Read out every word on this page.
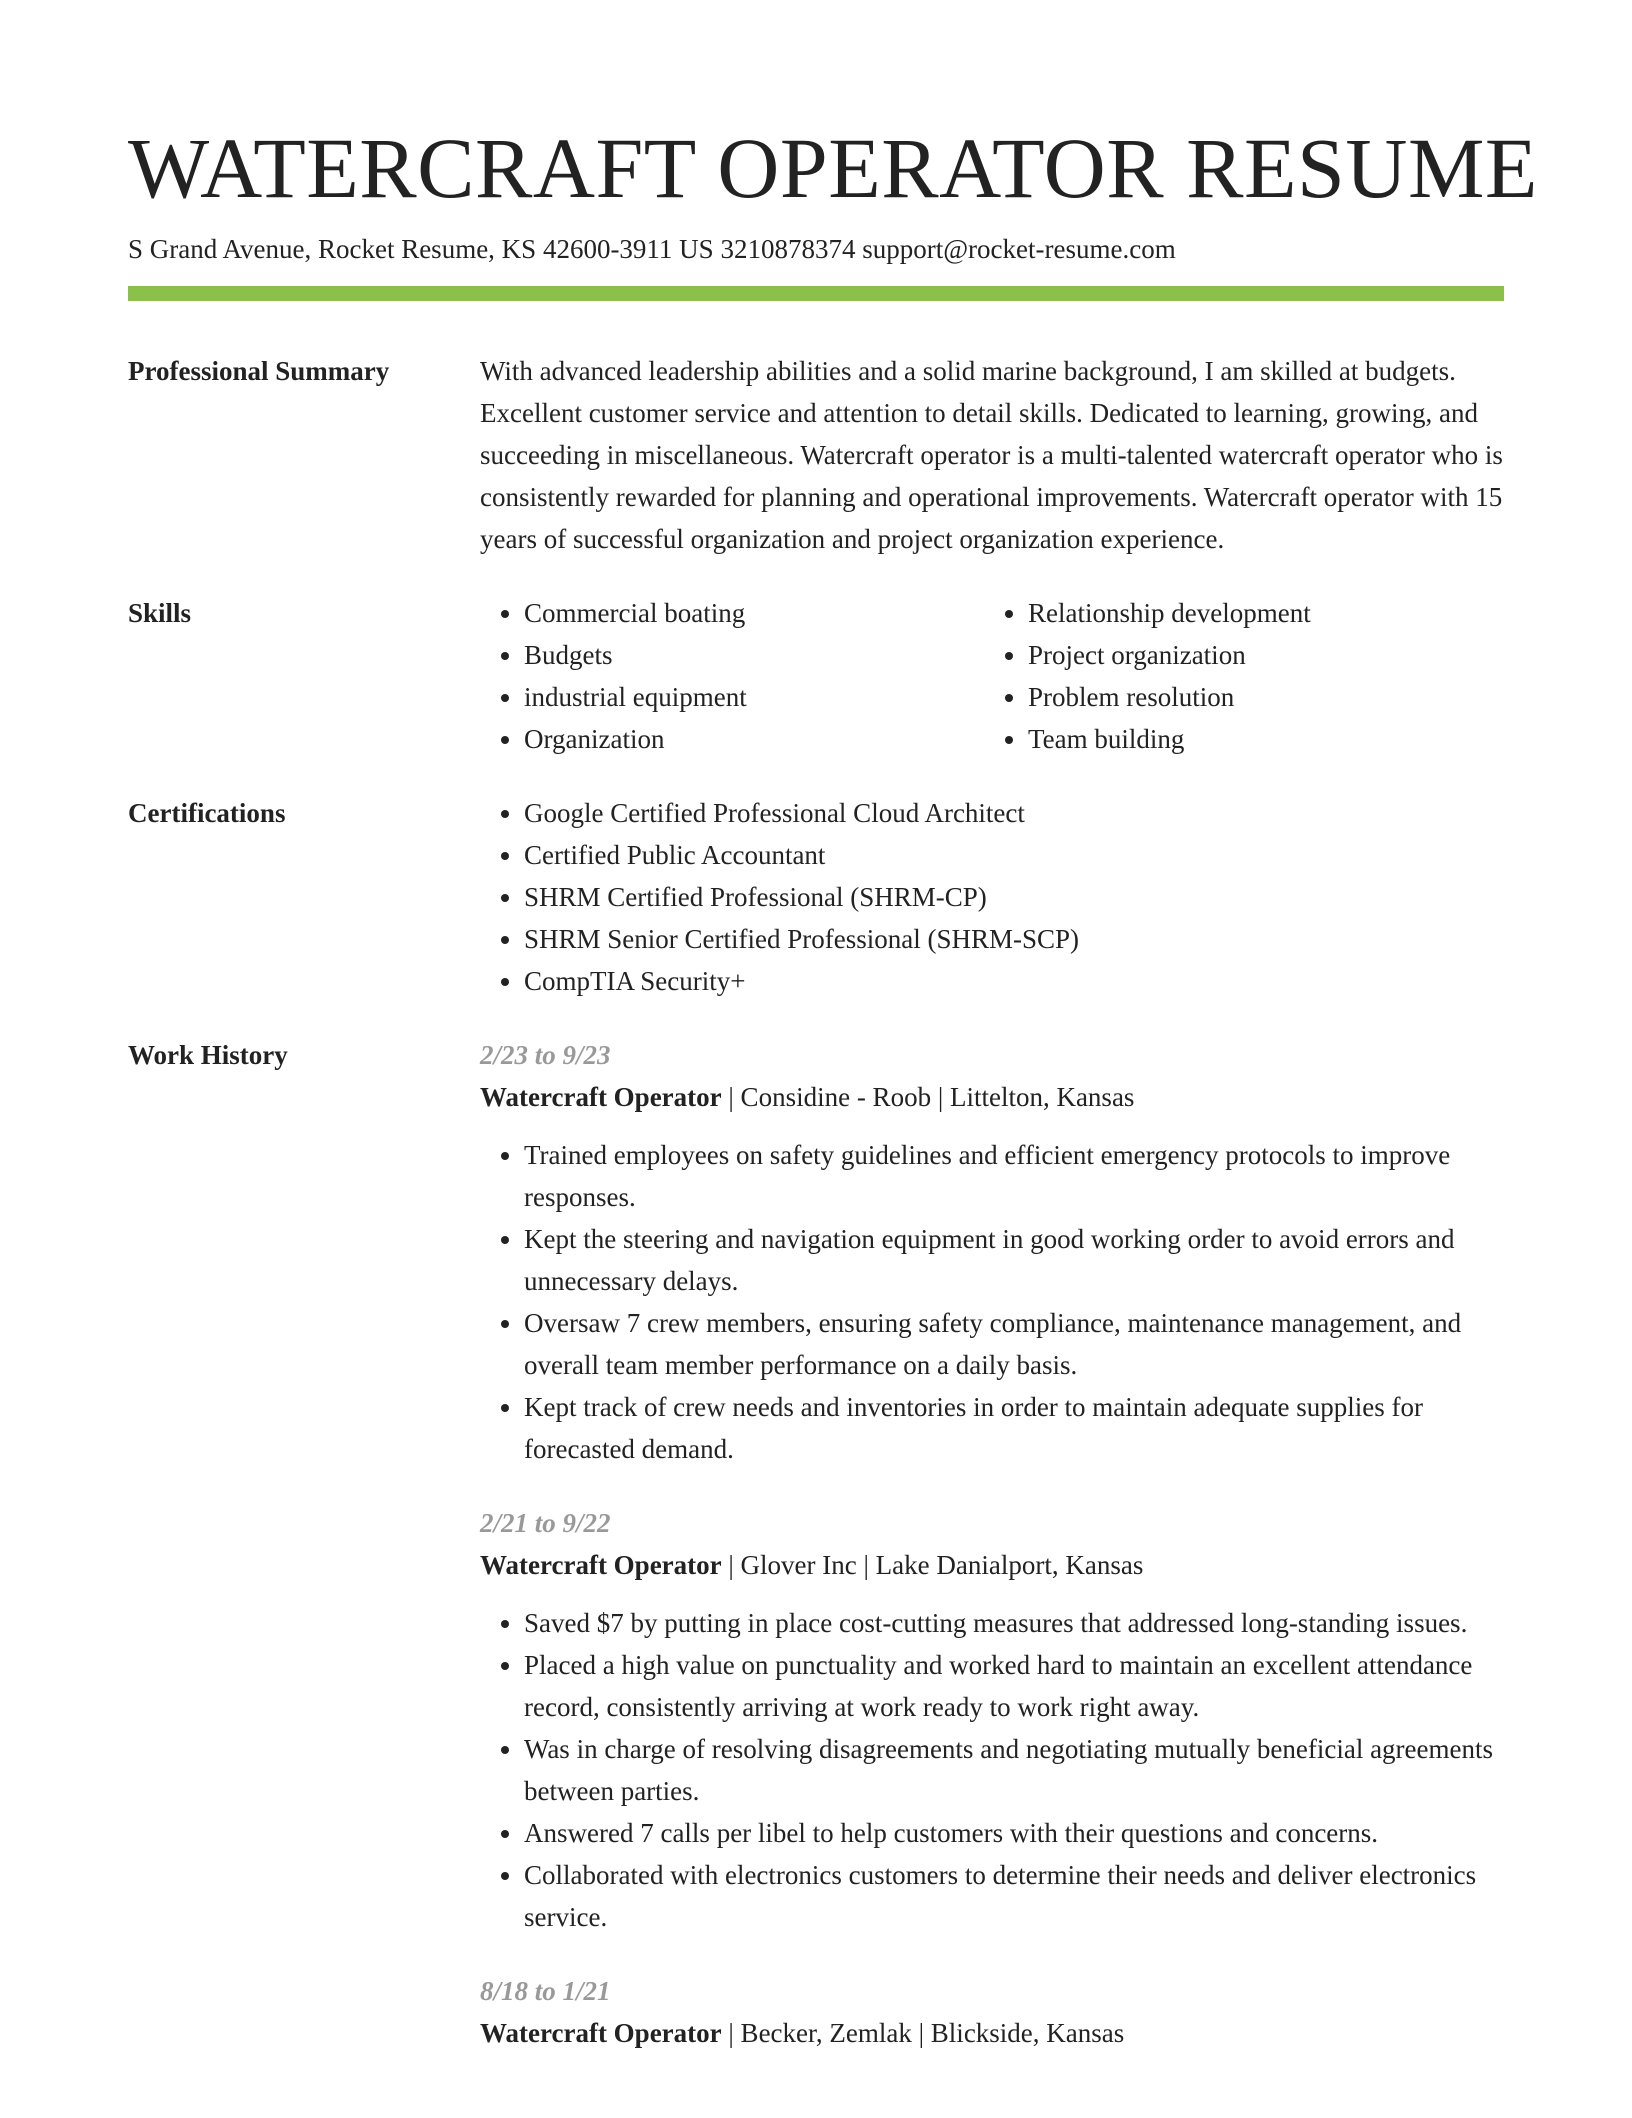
WATERCRAFT OPERATOR RESUME
S Grand Avenue, Rocket Resume, KS 42600-3911 US 3210878374 support@rocket-resume.com
Professional Summary	With advanced leadership abilities and a solid marine background, I am skilled at budgets. Excellent customer service and attention to detail skills. Dedicated to learning, growing, and succeeding in miscellaneous. Watercraft operator is a multi-talented watercraft operator who is consistently rewarded for planning and operational improvements. Watercraft operator with 15 years of successful organization and project organization experience.

Skills	• Commercial boating
• Budgets
• industrial equipment
• Organization
• Relationship development
• Project organization
• Problem resolution
• Team building
Certifications	• Google Certified Professional Cloud Architect
• Certified Public Accountant
• SHRM Certified Professional (SHRM-CP)
• SHRM Senior Certified Professional (SHRM-SCP)
• CompTIA Security+
Work History	2/23 to 9/23
Watercraft Operator | Considine - Roob | Littelton, Kansas
• Trained employees on safety guidelines and efficient emergency protocols to improve responses.
• Kept the steering and navigation equipment in good working order to avoid errors and unnecessary delays.
• Oversaw 7 crew members, ensuring safety compliance, maintenance management, and overall team member performance on a daily basis.
• Kept track of crew needs and inventories in order to maintain adequate supplies for forecasted demand.
2/21 to 9/22
Watercraft Operator | Glover Inc | Lake Danialport, Kansas
• Saved $7 by putting in place cost-cutting measures that addressed long-standing issues.
• Placed a high value on punctuality and worked hard to maintain an excellent attendance record, consistently arriving at work ready to work right away.
• Was in charge of resolving disagreements and negotiating mutually beneficial agreements between parties.
• Answered 7 calls per libel to help customers with their questions and concerns.
• Collaborated with electronics customers to determine their needs and deliver electronics service.
8/18 to 1/21
Watercraft Operator | Becker, Zemlak | Blickside, Kansas
